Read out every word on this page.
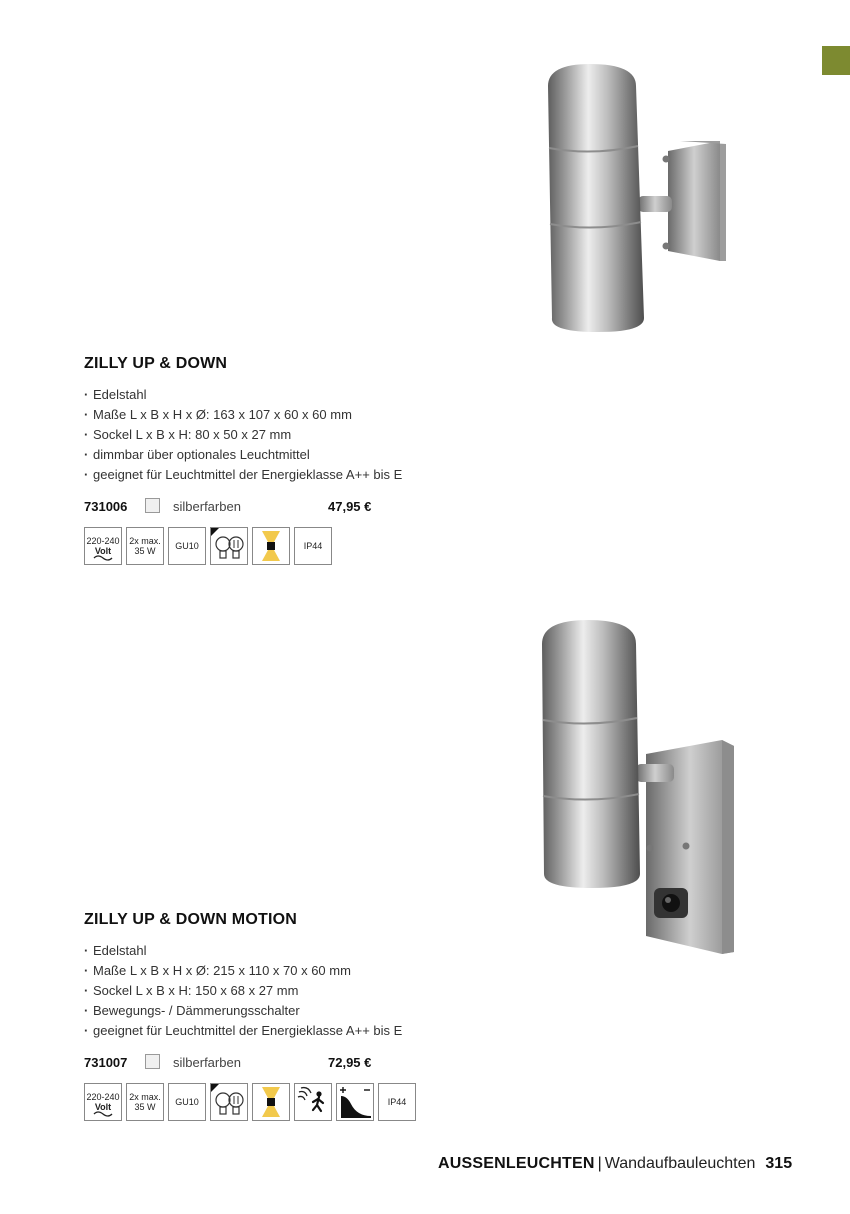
ZILLY UP & DOWN
· Edelstahl
· Maße L x B x H x Ø: 163 x 107 x 60 x 60 mm
· Sockel L x B x H: 80 x 50 x 27 mm
· dimmbar über optionales Leuchtmittel
· geeignet für Leuchtmittel der Energieklasse A++ bis E
731006	silberfarben	47,95 €
220-240
Volt
2x max.
35 W	GU10	IP44
ZILLY UP & DOWN MOTION
· Edelstahl
· Maße L x B x H x Ø: 215 x 110 x 70 x 60 mm
· Sockel L x B x H: 150 x 68 x 27 mm
· Bewegungs- / Dämmerungsschalter
· geeignet für Leuchtmittel der Energieklasse A++ bis E
731007	silberfarben	72,95 €
220-240
Volt
2x max.
35 W	GU10	IP44
AUSSENLEUCHTEN | Wandaufbauleuchten 315
